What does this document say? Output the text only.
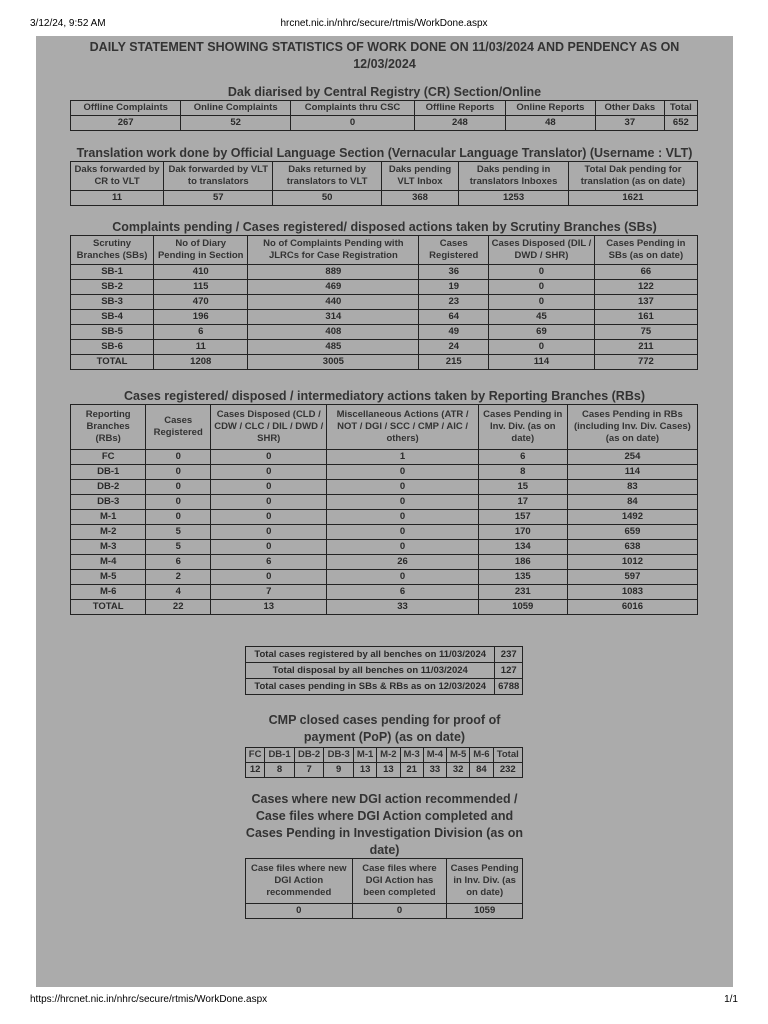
3/12/24, 9:52 AM	hrcnet.nic.in/nhrc/secure/rtmis/WorkDone.aspx
DAILY STATEMENT SHOWING STATISTICS OF WORK DONE ON 11/03/2024 AND PENDENCY AS ON 12/03/2024
Dak diarised by Central Registry (CR) Section/Online
Offline Complaints	Online Complaints	Complaints thru CSC	Offline Reports	Online Reports	Other Daks	Total
267	52	0	248	48	37	652
Translation work done by Official Language Section (Vernacular Language Translator) (Username : VLT)
Daks forwarded by CR to VLT	Dak forwarded by VLT to translators	Daks returned by translators to VLT	Daks pending VLT Inbox	Daks pending in translators Inboxes	Total Dak pending for translation (as on date)
11	57	50	368	1253	1621
Complaints pending / Cases registered/ disposed actions taken by Scrutiny Branches (SBs)
Scrutiny Branches (SBs)	No of Diary Pending in Section	No of Complaints Pending with JLRCs for Case Registration	Cases Registered	Cases Disposed (DIL / DWD / SHR)	Cases Pending in SBs (as on date)
SB-1	410	889	36	0	66
SB-2	115	469	19	0	122
SB-3	470	440	23	0	137
SB-4	196	314	64	45	161
SB-5	6	408	49	69	75
SB-6	11	485	24	0	211
TOTAL	1208	3005	215	114	772
Cases registered/ disposed / intermediatory actions taken by Reporting Branches (RBs)
Reporting Branches (RBs)	Cases Registered	Cases Disposed (CLD / CDW / CLC / DIL / DWD / SHR)	Miscellaneous Actions (ATR / NOT / DGI / SCC / CMP / AIC / others)	Cases Pending in Inv. Div. (as on date)	Cases Pending in RBs (including Inv. Div. Cases) (as on date)
FC	0	0	1	6	254
DB-1	0	0	0	8	114
DB-2	0	0	0	15	83
DB-3	0	0	0	17	84
M-1	0	0	0	157	1492
M-2	5	0	0	170	659
M-3	5	0	0	134	638
M-4	6	6	26	186	1012
M-5	2	0	0	135	597
M-6	4	7	6	231	1083
TOTAL	22	13	33	1059	6016
Total cases registered by all benches on 11/03/2024	237
Total disposal by all benches on 11/03/2024	127
Total cases pending in SBs & RBs as on 12/03/2024	6788
CMP closed cases pending for proof of payment (PoP) (as on date)
FC	DB-1	DB-2	DB-3	M-1	M-2	M-3	M-4	M-5	M-6	Total
12	8	7	9	13	13	21	33	32	84	232
Cases where new DGI action recommended / Case files where DGI Action completed and Cases Pending in Investigation Division (as on date)
Case files where new DGI Action recommended	Case files where DGI Action has been completed	Cases Pending in Inv. Div. (as on date)
0	0	1059
https://hrcnet.nic.in/nhrc/secure/rtmis/WorkDone.aspx	1/1
